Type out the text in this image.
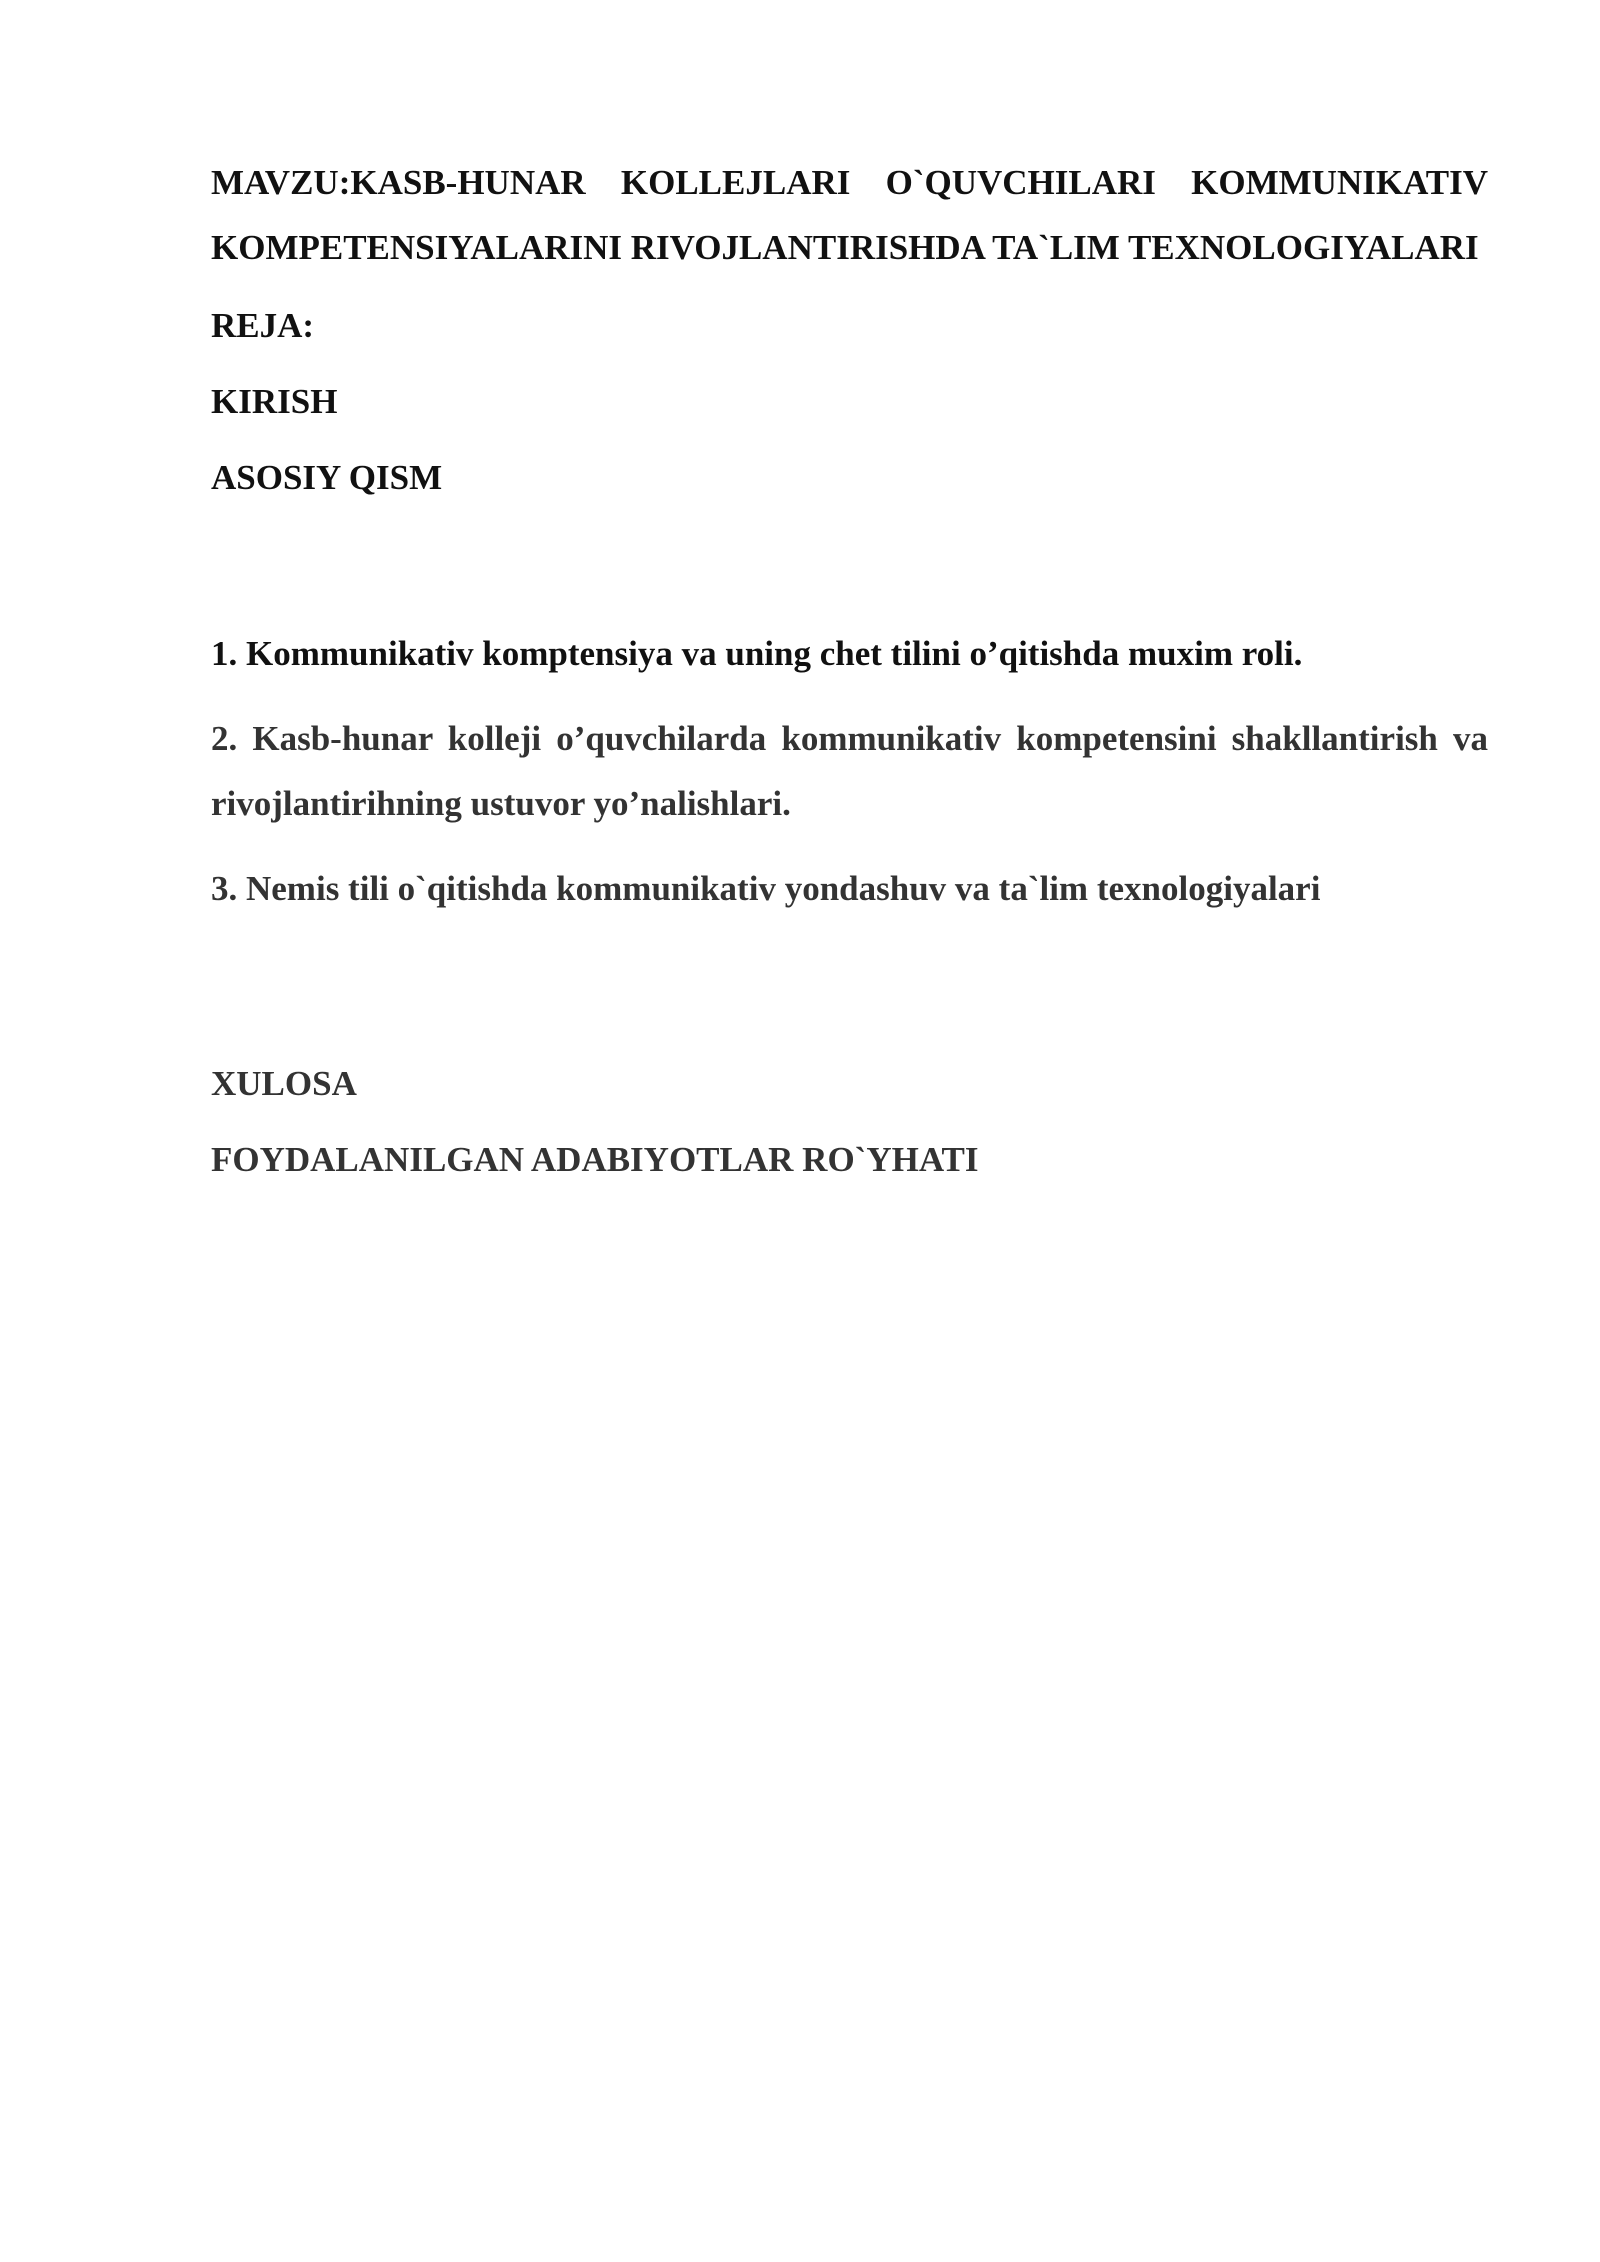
MAVZU:KASB-HUNAR KOLLEJLARI O`QUVCHILARI KOMMUNIKATIV KOMPETENSIYALARINI RIVOJLANTIRISHDA TA`LIM TEXNOLOGIYALARI

REJA:

KIRISH

ASOSIY QISM

1. Kommunikativ komptensiya va uning chet tilini o’qitishda muxim roli.

2. Kasb-hunar kolleji o’quvchilarda kommunikativ kompetensini shakllantirish va rivojlantirihning ustuvor yo’nalishlari.

3. Nemis tili o`qitishda kommunikativ yondashuv va ta`lim texnologiyalari

XULOSA

FOYDALANILGAN ADABIYOTLAR RO`YHATI
